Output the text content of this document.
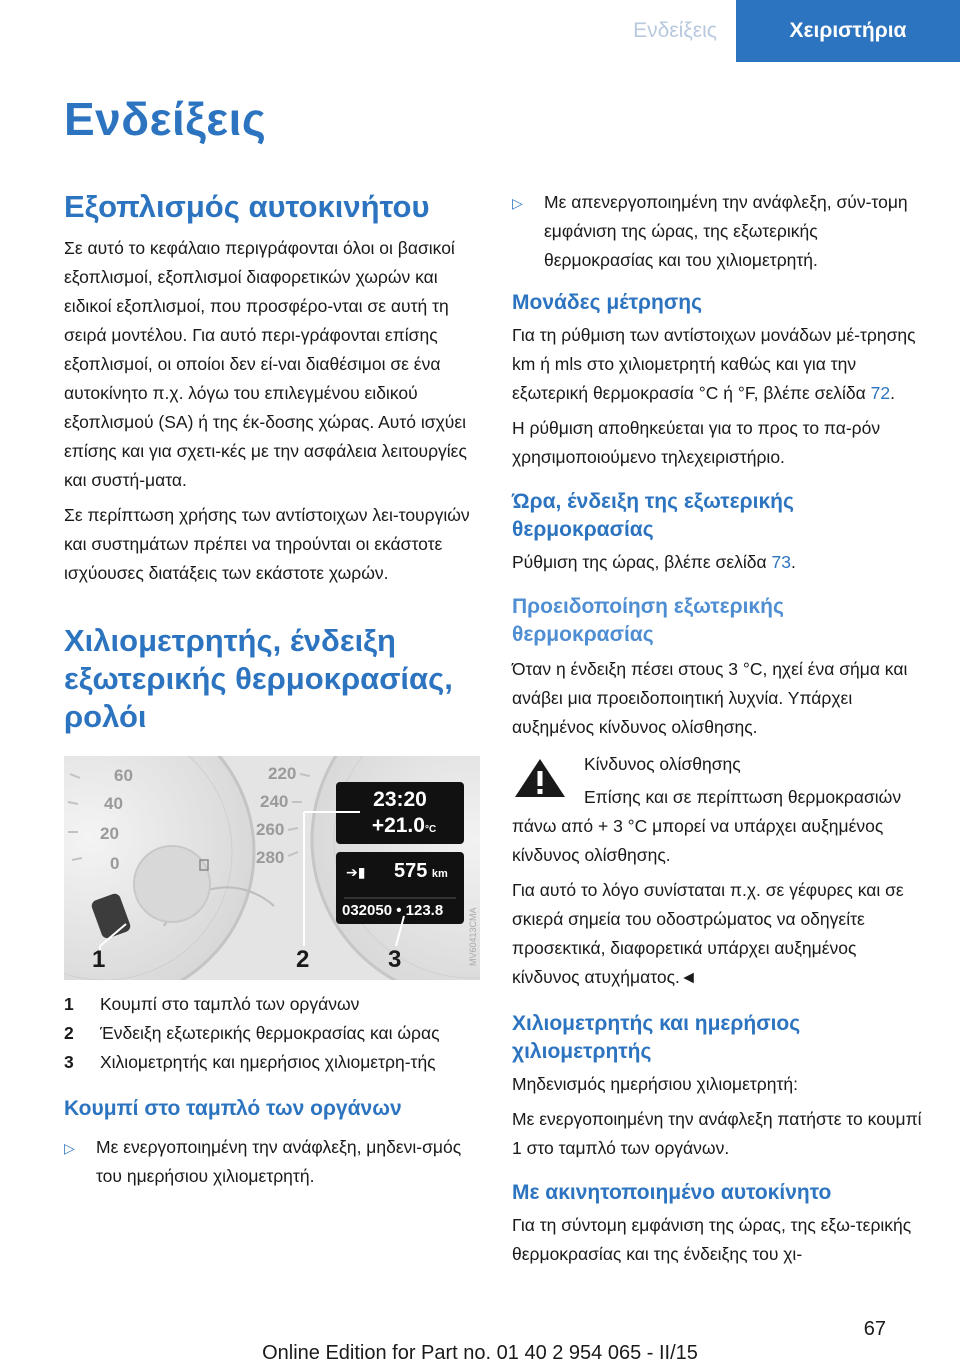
Ενδείξεις	Χειριστήρια
Ενδείξεις
Εξοπλισμός αυτοκινήτου
Σε αυτό το κεφάλαιο περιγράφονται όλοι οι βασικοί εξοπλισμοί, εξοπλισμοί διαφορετικών χωρών και ειδικοί εξοπλισμοί, που προσφέρο-νται σε αυτή τη σειρά μοντέλου. Για αυτό περι-γράφονται επίσης εξοπλισμοί, οι οποίοι δεν εί-ναι διαθέσιμοι σε ένα αυτοκίνητο π.χ. λόγω του επιλεγμένου ειδικού εξοπλισμού (SA) ή της έκ-δοσης χώρας. Αυτό ισχύει επίσης και για σχετι-κές με την ασφάλεια λειτουργίες και συστή-ματα.
Σε περίπτωση χρήσης των αντίστοιχων λει-τουργιών και συστημάτων πρέπει να τηρούνται οι εκάστοτε ισχύουσες διατάξεις των εκάστοτε χωρών.
Χιλιομετρητής, ένδειξη εξωτερικής θερμοκρασίας, ρολόι
60
40
20
0
220
240
260
280
23:20
+21.0°C
➔▮ 575 km
032050 • 123.8
1	2	3	MV60413CMA
1	Κουμπί στο ταμπλό των οργάνων
2	Ένδειξη εξωτερικής θερμοκρασίας και ώρας
3	Χιλιομετρητής και ημερήσιος χιλιομετρη-τής
Κουμπί στο ταμπλό των οργάνων
▷	Με ενεργοποιημένη την ανάφλεξη, μηδενι-σμός του ημερήσιου χιλιομετρητή.
▷	Με απενεργοποιημένη την ανάφλεξη, σύν-τομη εμφάνιση της ώρας, της εξωτερικής θερμοκρασίας και του χιλιομετρητή.
Μονάδες μέτρησης
Για τη ρύθμιση των αντίστοιχων μονάδων μέ-τρησης km ή mls στο χιλιομετρητή καθώς και για την εξωτερική θερμοκρασία °C ή °F, βλέπε σελίδα 72.
Η ρύθμιση αποθηκεύεται για το προς το πα-ρόν χρησιμοποιούμενο τηλεχειριστήριο.
Ώρα, ένδειξη της εξωτερικής θερμοκρασίας
Ρύθμιση της ώρας, βλέπε σελίδα 73.
Προειδοποίηση εξωτερικής θερμοκρασίας
Όταν η ένδειξη πέσει στους 3 °C, ηχεί ένα σήμα και ανάβει μια προειδοποιητική λυχνία. Υπάρχει αυξημένος κίνδυνος ολίσθησης.
Κίνδυνος ολίσθησης
Επίσης και σε περίπτωση θερμοκρασιών
πάνω από + 3 °C μπορεί να υπάρχει αυξημένος κίνδυνος ολίσθησης.
Για αυτό το λόγο συνίσταται π.χ. σε γέφυρες και σε σκιερά σημεία του οδοστρώματος να οδηγείτε προσεκτικά, διαφορετικά υπάρχει αυξημένος κίνδυνος ατυχήματος.◄
Χιλιομετρητής και ημερήσιος χιλιομετρητής
Μηδενισμός ημερήσιου χιλιομετρητή:
Με ενεργοποιημένη την ανάφλεξη πατήστε το κουμπί 1 στο ταμπλό των οργάνων.
Με ακινητοποιημένο αυτοκίνητο
Για τη σύντομη εμφάνιση της ώρας, της εξω-τερικής θερμοκρασίας και της ένδειξης του χι-
67
Online Edition for Part no. 01 40 2 954 065 - II/15
